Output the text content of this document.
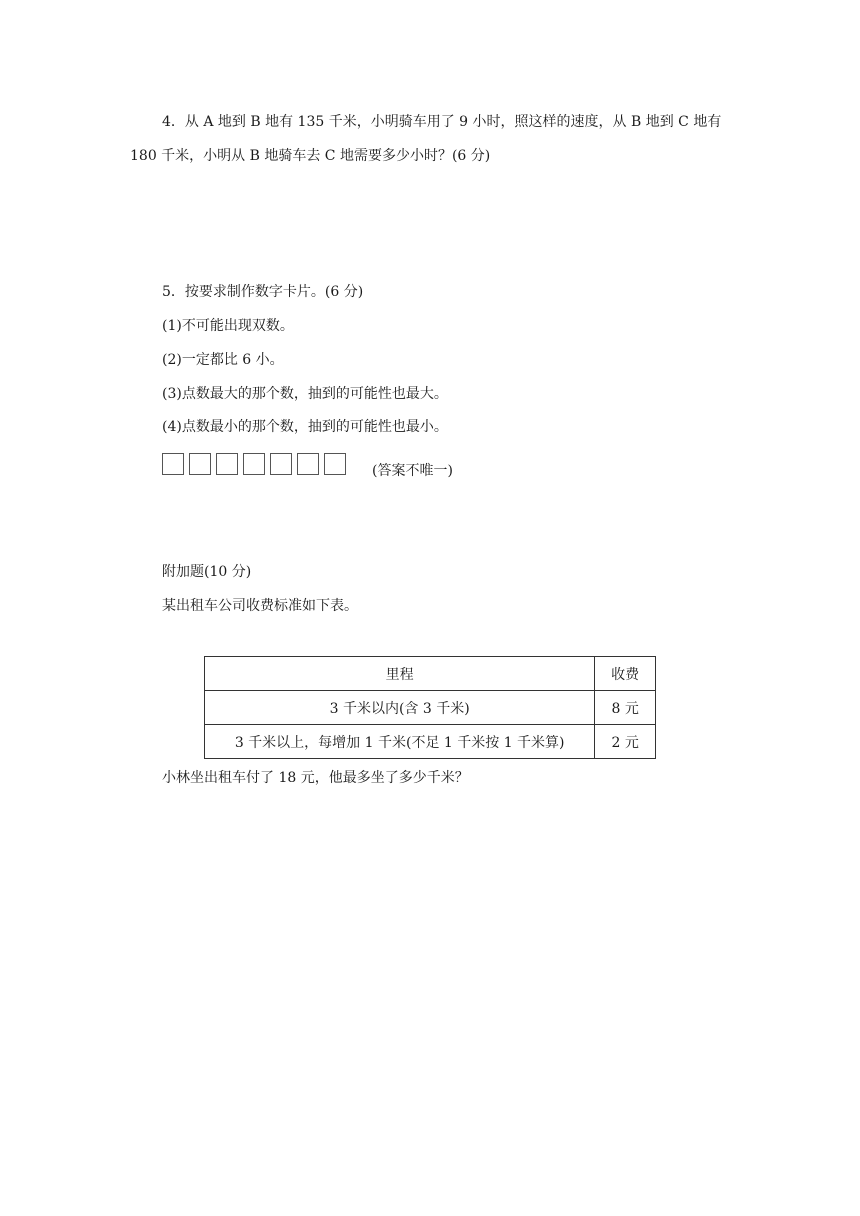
4．从 A 地到 B 地有 135 千米，小明骑车用了 9 小时，照这样的速度，从 B 地到 C 地有
180 千米，小明从 B 地骑车去 C 地需要多少小时？(6 分)
5．按要求制作数字卡片。(6 分)
(1)不可能出现双数。
(2)一定都比 6 小。
(3)点数最大的那个数，抽到的可能性也最大。
(4)点数最小的那个数，抽到的可能性也最小。
(答案不唯一)
附加题(10 分)
某出租车公司收费标准如下表。
里程	收费
3 千米以内(含 3 千米)	8 元
3 千米以上，每增加 1 千米(不足 1 千米按 1 千米算)	2 元
小林坐出租车付了 18 元，他最多坐了多少千米？
